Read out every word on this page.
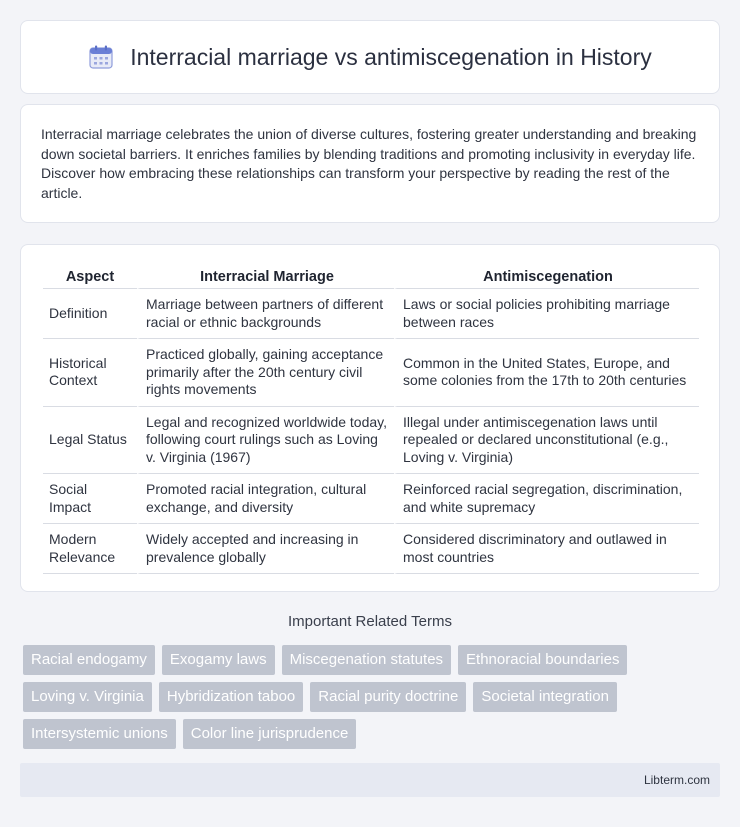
Interracial marriage vs antimiscegenation in History

Interracial marriage celebrates the union of diverse cultures, fostering greater understanding and breaking down societal barriers. It enriches families by blending traditions and promoting inclusivity in everyday life. Discover how embracing these relationships can transform your perspective by reading the rest of the article.

Aspect	Interracial Marriage	Antimiscegenation
Definition	Marriage between partners of different racial or ethnic backgrounds	Laws or social policies prohibiting marriage between races
Historical Context	Practiced globally, gaining acceptance primarily after the 20th century civil rights movements	Common in the United States, Europe, and some colonies from the 17th to 20th centuries
Legal Status	Legal and recognized worldwide today, following court rulings such as Loving v. Virginia (1967)	Illegal under antimiscegenation laws until repealed or declared unconstitutional (e.g., Loving v. Virginia)
Social Impact	Promoted racial integration, cultural exchange, and diversity	Reinforced racial segregation, discrimination, and white supremacy
Modern Relevance	Widely accepted and increasing in prevalence globally	Considered discriminatory and outlawed in most countries
Important Related Terms
Racial endogamy	Exogamy laws	Miscegenation statutes	Ethnoracial boundaries
Loving v. Virginia	Hybridization taboo	Racial purity doctrine	Societal integration
Intersystemic unions	Color line jurisprudence
Libterm.com
